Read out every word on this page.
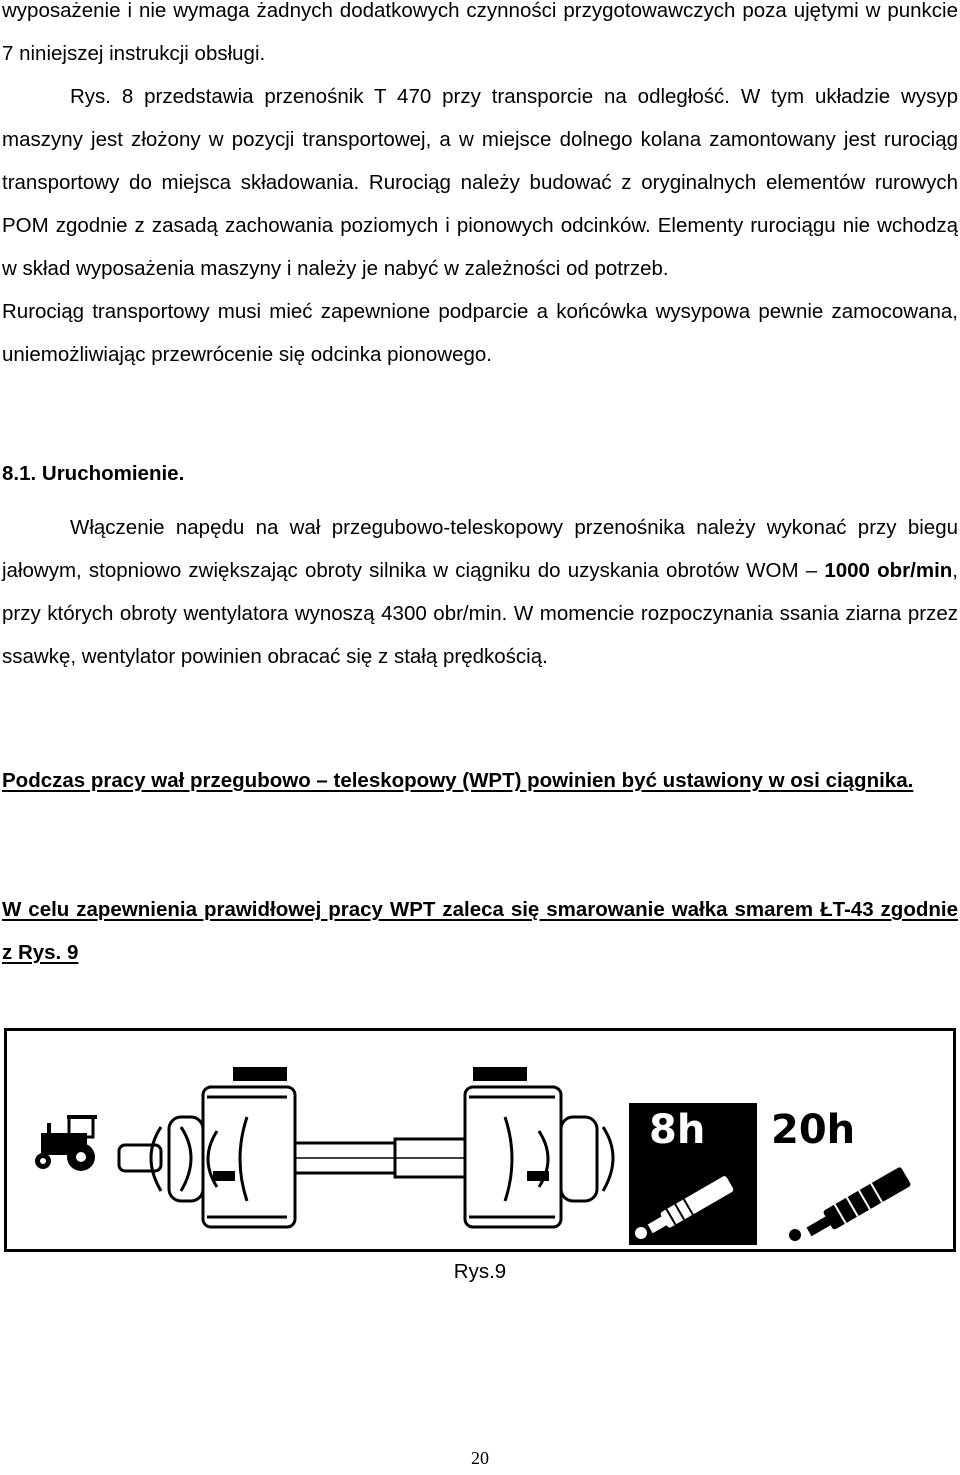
wyposażenie i nie wymaga żadnych dodatkowych czynności przygotowawczych poza ujętymi w punkcie 7 niniejszej instrukcji obsługi.

Rys. 8 przedstawia przenośnik T 470 przy transporcie na odległość. W tym układzie wysyp maszyny jest złożony w pozycji transportowej, a w miejsce dolnego kolana zamontowany jest rurociąg transportowy do miejsca składowania. Rurociąg należy budować z oryginalnych elementów rurowych POM zgodnie z zasadą zachowania poziomych i pionowych odcinków. Elementy rurociągu nie wchodzą w skład wyposażenia maszyny i należy je nabyć w zależności od potrzeb.

Rurociąg transportowy musi mieć zapewnione podparcie a końcówka wysypowa pewnie zamocowana, uniemożliwiając przewrócenie się odcinka pionowego.

8.1. Uruchomienie.

Włączenie napędu na wał przegubowo-teleskopowy przenośnika należy wykonać przy biegu jałowym, stopniowo zwiększając obroty silnika w ciągniku do uzyskania obrotów WOM – 1000 obr/min, przy których obroty wentylatora wynoszą 4300 obr/min. W momencie rozpoczynania ssania ziarna przez ssawkę, wentylator powinien obracać się z stałą prędkością.

Podczas pracy wał przegubowo – teleskopowy (WPT) powinien być ustawiony w osi ciągnika.

W celu zapewnienia prawidłowej pracy WPT zaleca się smarowanie wałka smarem ŁT-43 zgodnie z Rys. 9

8h 20h
Rys.9
20
